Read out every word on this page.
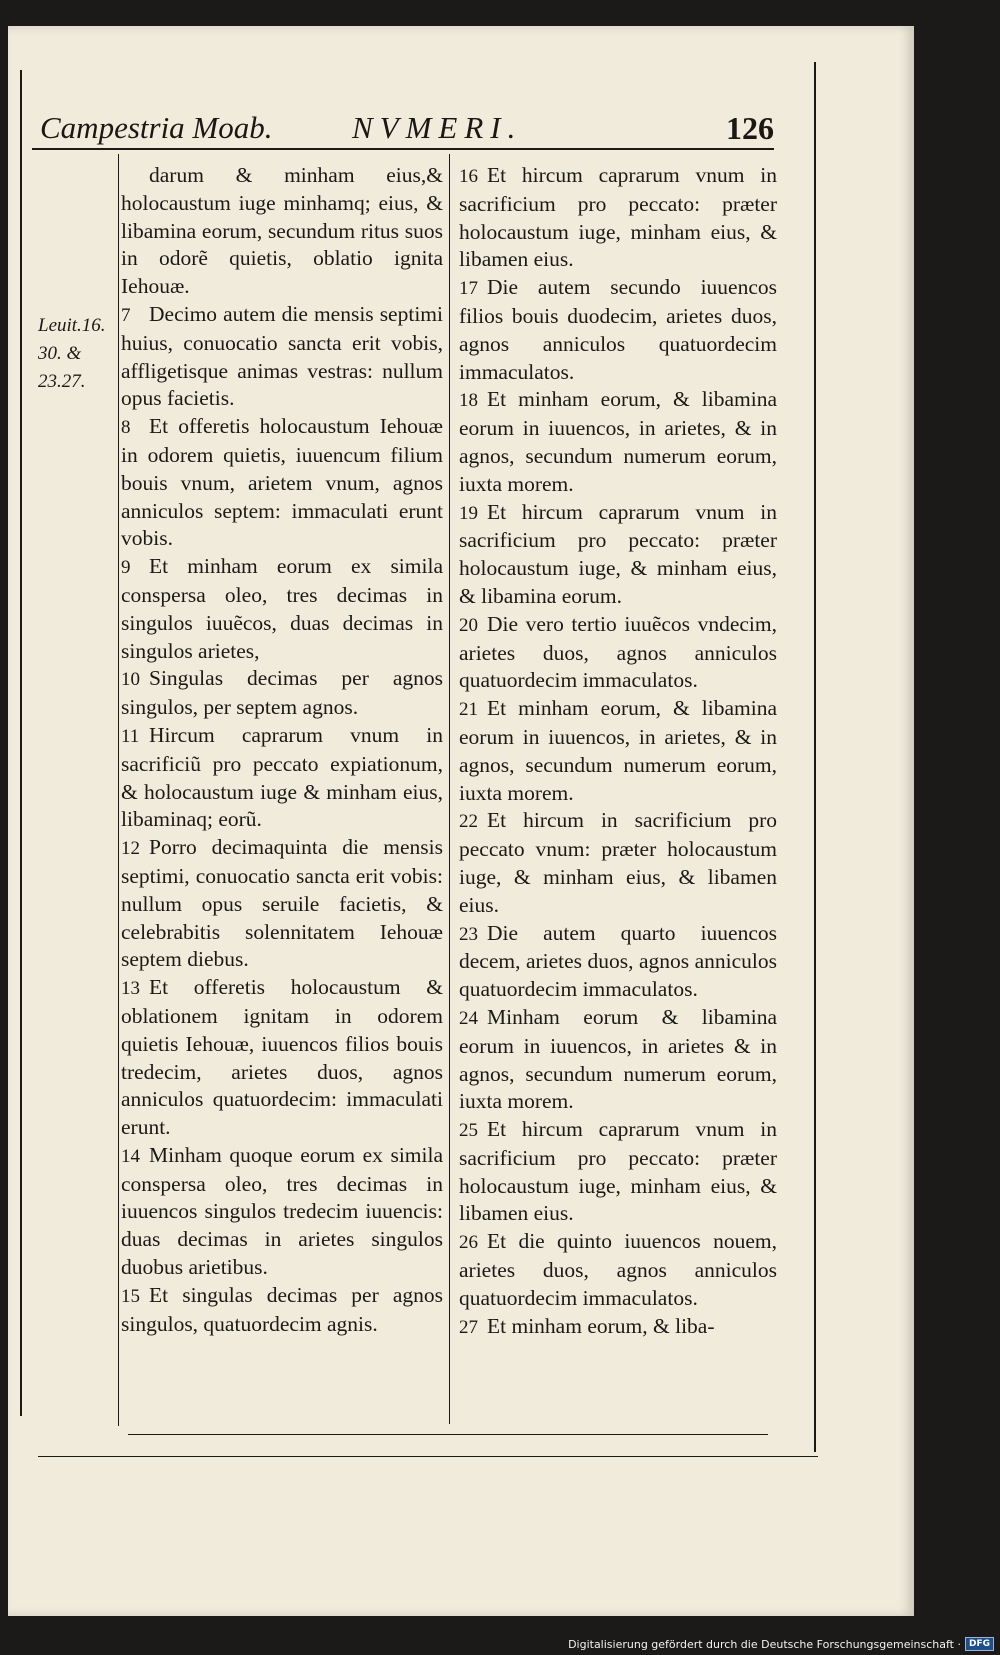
Campestria Moab.	NVMERI.	126
Leuit.16.
30. &
23.27.

darum & minham eius,& holocaustum iuge minhamq; eius, & libamina eorum, secundum ritus suos in odorẽ quietis, oblatio ignita Iehouæ.

7 Decimo autem die mensis septimi huius, conuocatio sancta erit vobis, affligetisque animas vestras: nullum opus facietis.

8 Et offeretis holocaustum Iehouæ in odorem quietis, iuuencum filium bouis vnum, arietem vnum, agnos anniculos septem: immaculati erunt vobis.

9 Et minham eorum ex simila conspersa oleo, tres decimas in singulos iuuẽcos, duas decimas in singulos arietes,

10 Singulas decimas per agnos singulos, per septem agnos.

11 Hircum caprarum vnum in sacrificiũ pro peccato expiationum, & holocaustum iuge & minham eius, libaminaq; eorũ.

12 Porro decimaquinta die mensis septimi, conuocatio sancta erit vobis: nullum opus seruile facietis, & celebrabitis solennitatem Iehouæ septem diebus.

13 Et offeretis holocaustum & oblationem ignitam in odorem quietis Iehouæ, iuuencos filios bouis tredecim, arietes duos, agnos anniculos quatuordecim: immaculati erunt.

14 Minham quoque eorum ex simila conspersa oleo, tres decimas in iuuencos singulos tredecim iuuencis: duas decimas in arietes singulos duobus arietibus.

15 Et singulas decimas per agnos singulos, quatuordecim agnis.

16 Et hircum caprarum vnum in sacrificium pro peccato: præter holocaustum iuge, minham eius, & libamen eius.

17 Die autem secundo iuuencos filios bouis duodecim, arietes duos, agnos anniculos quatuordecim immaculatos.

18 Et minham eorum, & libamina eorum in iuuencos, in arietes, & in agnos, secundum numerum eorum, iuxta morem.

19 Et hircum caprarum vnum in sacrificium pro peccato: præter holocaustum iuge, & minham eius, & libamina eorum.

20 Die vero tertio iuuẽcos vndecim, arietes duos, agnos anniculos quatuordecim immaculatos.

21 Et minham eorum, & libamina eorum in iuuencos, in arietes, & in agnos, secundum numerum eorum, iuxta morem.

22 Et hircum in sacrificium pro peccato vnum: præter holocaustum iuge, & minham eius, & libamen eius.

23 Die autem quarto iuuencos decem, arietes duos, agnos anniculos quatuordecim immaculatos.

24 Minham eorum & libamina eorum in iuuencos, in arietes & in agnos, secundum numerum eorum, iuxta morem.

25 Et hircum caprarum vnum in sacrificium pro peccato: præter holocaustum iuge, minham eius, & libamen eius.

26 Et die quinto iuuencos nouem, arietes duos, agnos anniculos quatuordecim immaculatos.

27 Et minham eorum, & liba-

Digitalisierung gefördert durch die Deutsche Forschungsgemeinschaft · DFG
